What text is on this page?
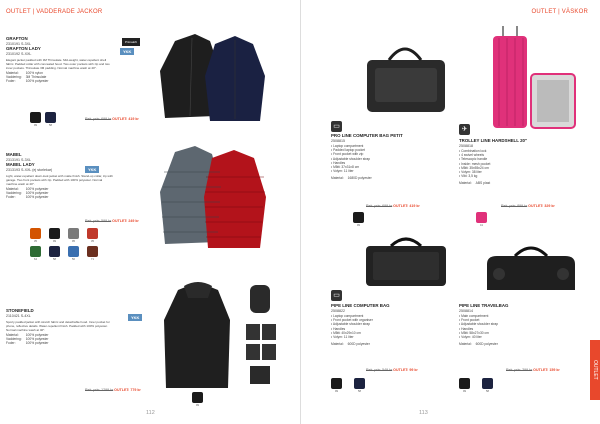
OUTLET | VADDERADE JACKOR
GRAFTON
2310191 S-3XL
GRAFTON LADY
2310192 S-XXL
Elegant jacket padded with 3M Thinsulate. Mid-weight, water-repellent shell fabric. Padded collar with concealed hood. Two outer pockets with zip and two inner pockets. Thinsulate 3M padding. Normal machine wash at 40°.
Material:	100% nylon
Vaddering:	3M Thinsulate
Foder:	100% polyester
Primaloft
YKK
Rek. pris: 699 kr OUTLET: 419 kr
99	58
MABEL
2313191 S-3XL
MABEL LADY
2313193 S-XXL (ej storlekar)
Light, water-repellent down-look jacket with matte finish. Stand-up collar, zip with garage. Two front pockets with zip. Padded with 100% polyester. Normal machine wash at 40°.
Material:	100% polyester
Vaddering:	100% polyester
Foder:	100% polyester
YKK
Rek. pris: 599 kr OUTLET: 249 kr
35	99	95	35
64	58	50	71
STONEFIELD
2110421 S-4XL
Sporty padded jacket with stretch fabric and detachable hood. Inner pocket for phone, reflective details. Water-repellent finish. Padded with 100% polyester. Normal machine wash at 40°.
Material:	100% polyester
Vaddering:	100% polyester
Foder:	100% polyester
YKK
Rek. pris: 1299 kr OUTLET: 779 kr
99
112
OUTLET | VÄSKOR
OUTLET
▭
PRO LINE COMPUTER BAG PETIT
2508815
• Laptop compartment
• Padded laptop pocket
• Front pocket with zip
• Adjustable shoulder strap
• Handles
• Mått: 37x31x8 cm
• Volym: 11 liter
Material:	1680D polyester
Rek. pris: 699 kr OUTLET: 419 kr
99
✈
TROLLEY LINE HARDSHELL 20"
2508818
• Combination lock
• 4 swivel wheels
• Telescopic handle
• Inside: mesh pocket
• Mått: 35x55x24 cm
• Volym: 38 liter
• Vikt: 3,5 kg
Material:	ABS plast
Rek. pris: 899 kr OUTLET: 329 kr
41
▭
PIPE LINE COMPUTER BAG
2508822
• Laptop compartment
• Front pocket with organiser
• Adjustable shoulder strap
• Handles
• Mått: 40x29x10 cm
• Volym: 11 liter
Material:	600D polyester
Rek. pris: 549 kr OUTLET: 99 kr
99	58
PIPE LINE TRAVELBAG
2508814
• Main compartment
• Front pocket
• Adjustable shoulder strap
• Handles
• Mått: 58x27x30 cm
• Volym: 40 liter
Material:	600D polyester
Rek. pris: 399 kr OUTLET: 159 kr
99	58
113
